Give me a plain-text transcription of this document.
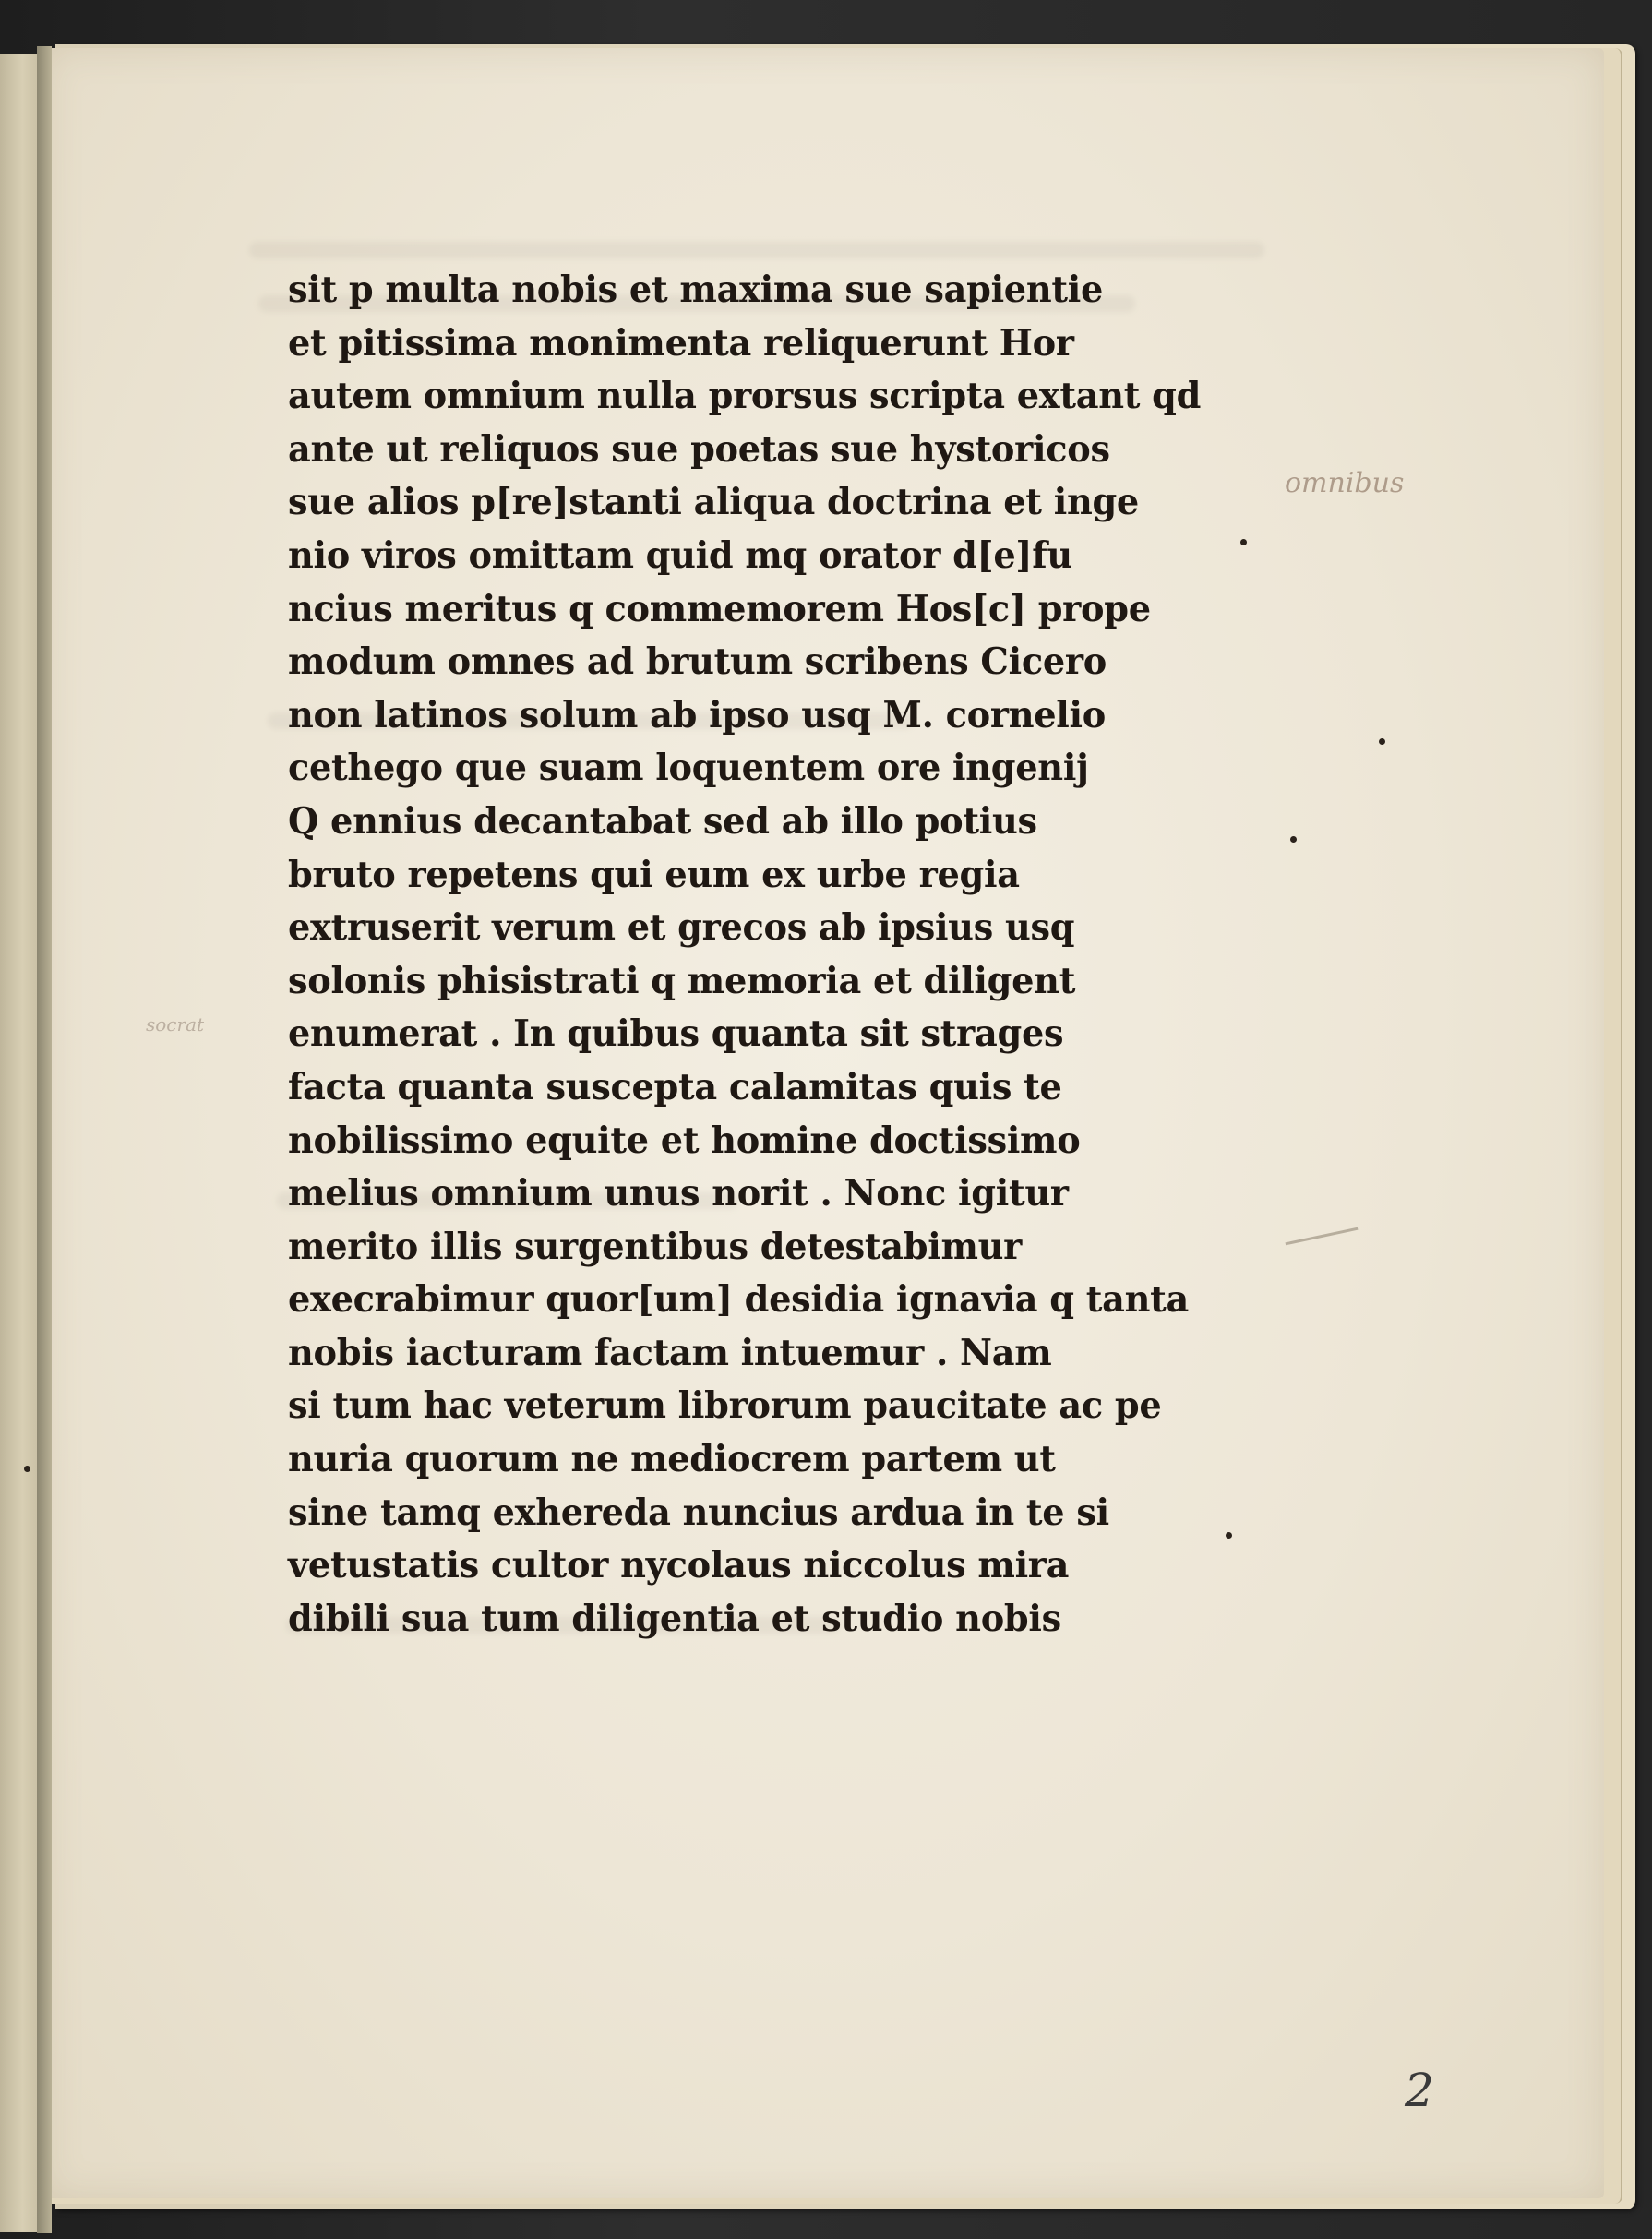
sit p multa nobis et maxima sue sapientie
et pitissima monimenta reliquerunt Hor
autem omnium nulla prorsus scripta extant qd
ante ut reliquos sue poetas sue hystoricos
sue alios p[re]stanti aliqua doctrina et inge
nio viros omittam quid mq orator d[e]fu
ncius meritus q commemorem Hos[c] prope
modum omnes ad brutum scribens Cicero
non latinos solum ab ipso usq M. cornelio
cethego que suam loquentem ore ingenij
Q ennius decantabat sed ab illo potius
bruto repetens qui eum ex urbe regia
extruserit verum et grecos ab ipsius usq
solonis phisistrati q memoria et diligent
enumerat . In quibus quanta sit strages
facta quanta suscepta calamitas quis te
nobilissimo equite et homine doctissimo
melius omnium unus norit . Nonc igitur
merito illis surgentibus detestabimur
execrabimur quor[um] desidia ignavia q tanta
nobis iacturam factam intuemur . Nam
si tum hac veterum librorum paucitate ac pe
nuria quorum ne mediocrem partem ut
sine tamq exhereda nuncius ardua in te si
vetustatis cultor nycolaus niccolus mira
dibili sua tum diligentia et studio nobis
omnibus
socrat
2
